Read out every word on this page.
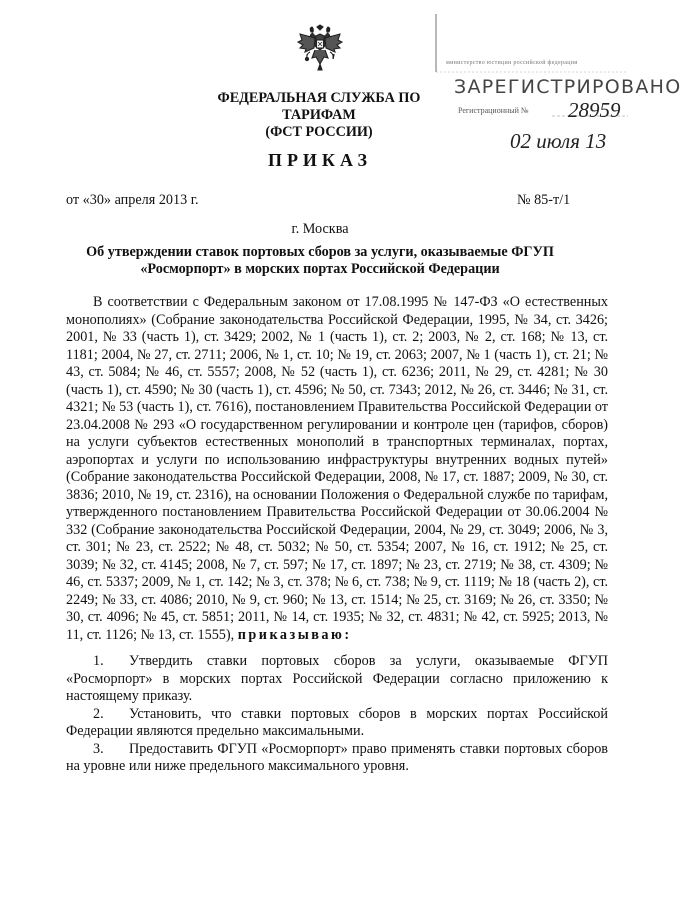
министерство юстиции российской федерации
ЗАРЕГИСТРИРОВАНО
Регистрационный № 28959
02 июля 13
ФЕДЕРАЛЬНАЯ СЛУЖБА ПО ТАРИФАМ
(ФСТ РОССИИ)
ПРИКАЗ
от «30» апреля 2013 г.	№ 85-т/1
г. Москва
Об утверждении ставок портовых сборов за услуги, оказываемые ФГУП «Росморпорт» в морских портах Российской Федерации

В соответствии с Федеральным законом от 17.08.1995 № 147-ФЗ «О естественных монополиях» (Собрание законодательства Российской Федерации, 1995, № 34, ст. 3426; 2001, № 33 (часть 1), ст. 3429; 2002, № 1 (часть 1), ст. 2; 2003, № 2, ст. 168; № 13, ст. 1181; 2004, № 27, ст. 2711; 2006, № 1, ст. 10; № 19, ст. 2063; 2007, № 1 (часть 1), ст. 21; № 43, ст. 5084; № 46, ст. 5557; 2008, № 52 (часть 1), ст. 6236; 2011, № 29, ст. 4281; № 30 (часть 1), ст. 4590; № 30 (часть 1), ст. 4596; № 50, ст. 7343; 2012, № 26, ст. 3446; № 31, ст. 4321; № 53 (часть 1), ст. 7616), постановлением Правительства Российской Федерации от 23.04.2008 № 293 «О государственном регулировании и контроле цен (тарифов, сборов) на услуги субъектов естественных монополий в транспортных терминалах, портах, аэропортах и услуги по использованию инфраструктуры внутренних водных путей» (Собрание законодательства Российской Федерации, 2008, № 17, ст. 1887; 2009, № 30, ст. 3836; 2010, № 19, ст. 2316), на основании Положения о Федеральной службе по тарифам, утвержденного постановлением Правительства Российской Федерации от 30.06.2004 № 332 (Собрание законодательства Российской Федерации, 2004, № 29, ст. 3049; 2006, № 3, ст. 301; № 23, ст. 2522; № 48, ст. 5032; № 50, ст. 5354; 2007, № 16, ст. 1912; № 25, ст. 3039; № 32, ст. 4145; 2008, № 7, ст. 597; № 17, ст. 1897; № 23, ст. 2719; № 38, ст. 4309; № 46, ст. 5337; 2009, № 1, ст. 142; № 3, ст. 378; № 6, ст. 738; № 9, ст. 1119; № 18 (часть 2), ст. 2249; № 33, ст. 4086; 2010, № 9, ст. 960; № 13, ст. 1514; № 25, ст. 3169; № 26, ст. 3350; № 30, ст. 4096; № 45, ст. 5851; 2011, № 14, ст. 1935; № 32, ст. 4831; № 42, ст. 5925; 2013, № 11, ст. 1126; № 13, ст. 1555), приказываю:

1. Утвердить ставки портовых сборов за услуги, оказываемые ФГУП «Росморпорт» в морских портах Российской Федерации согласно приложению к настоящему приказу.

2. Установить, что ставки портовых сборов в морских портах Российской Федерации являются предельно максимальными.

3. Предоставить ФГУП «Росморпорт» право применять ставки портовых сборов на уровне или ниже предельного максимального уровня.
